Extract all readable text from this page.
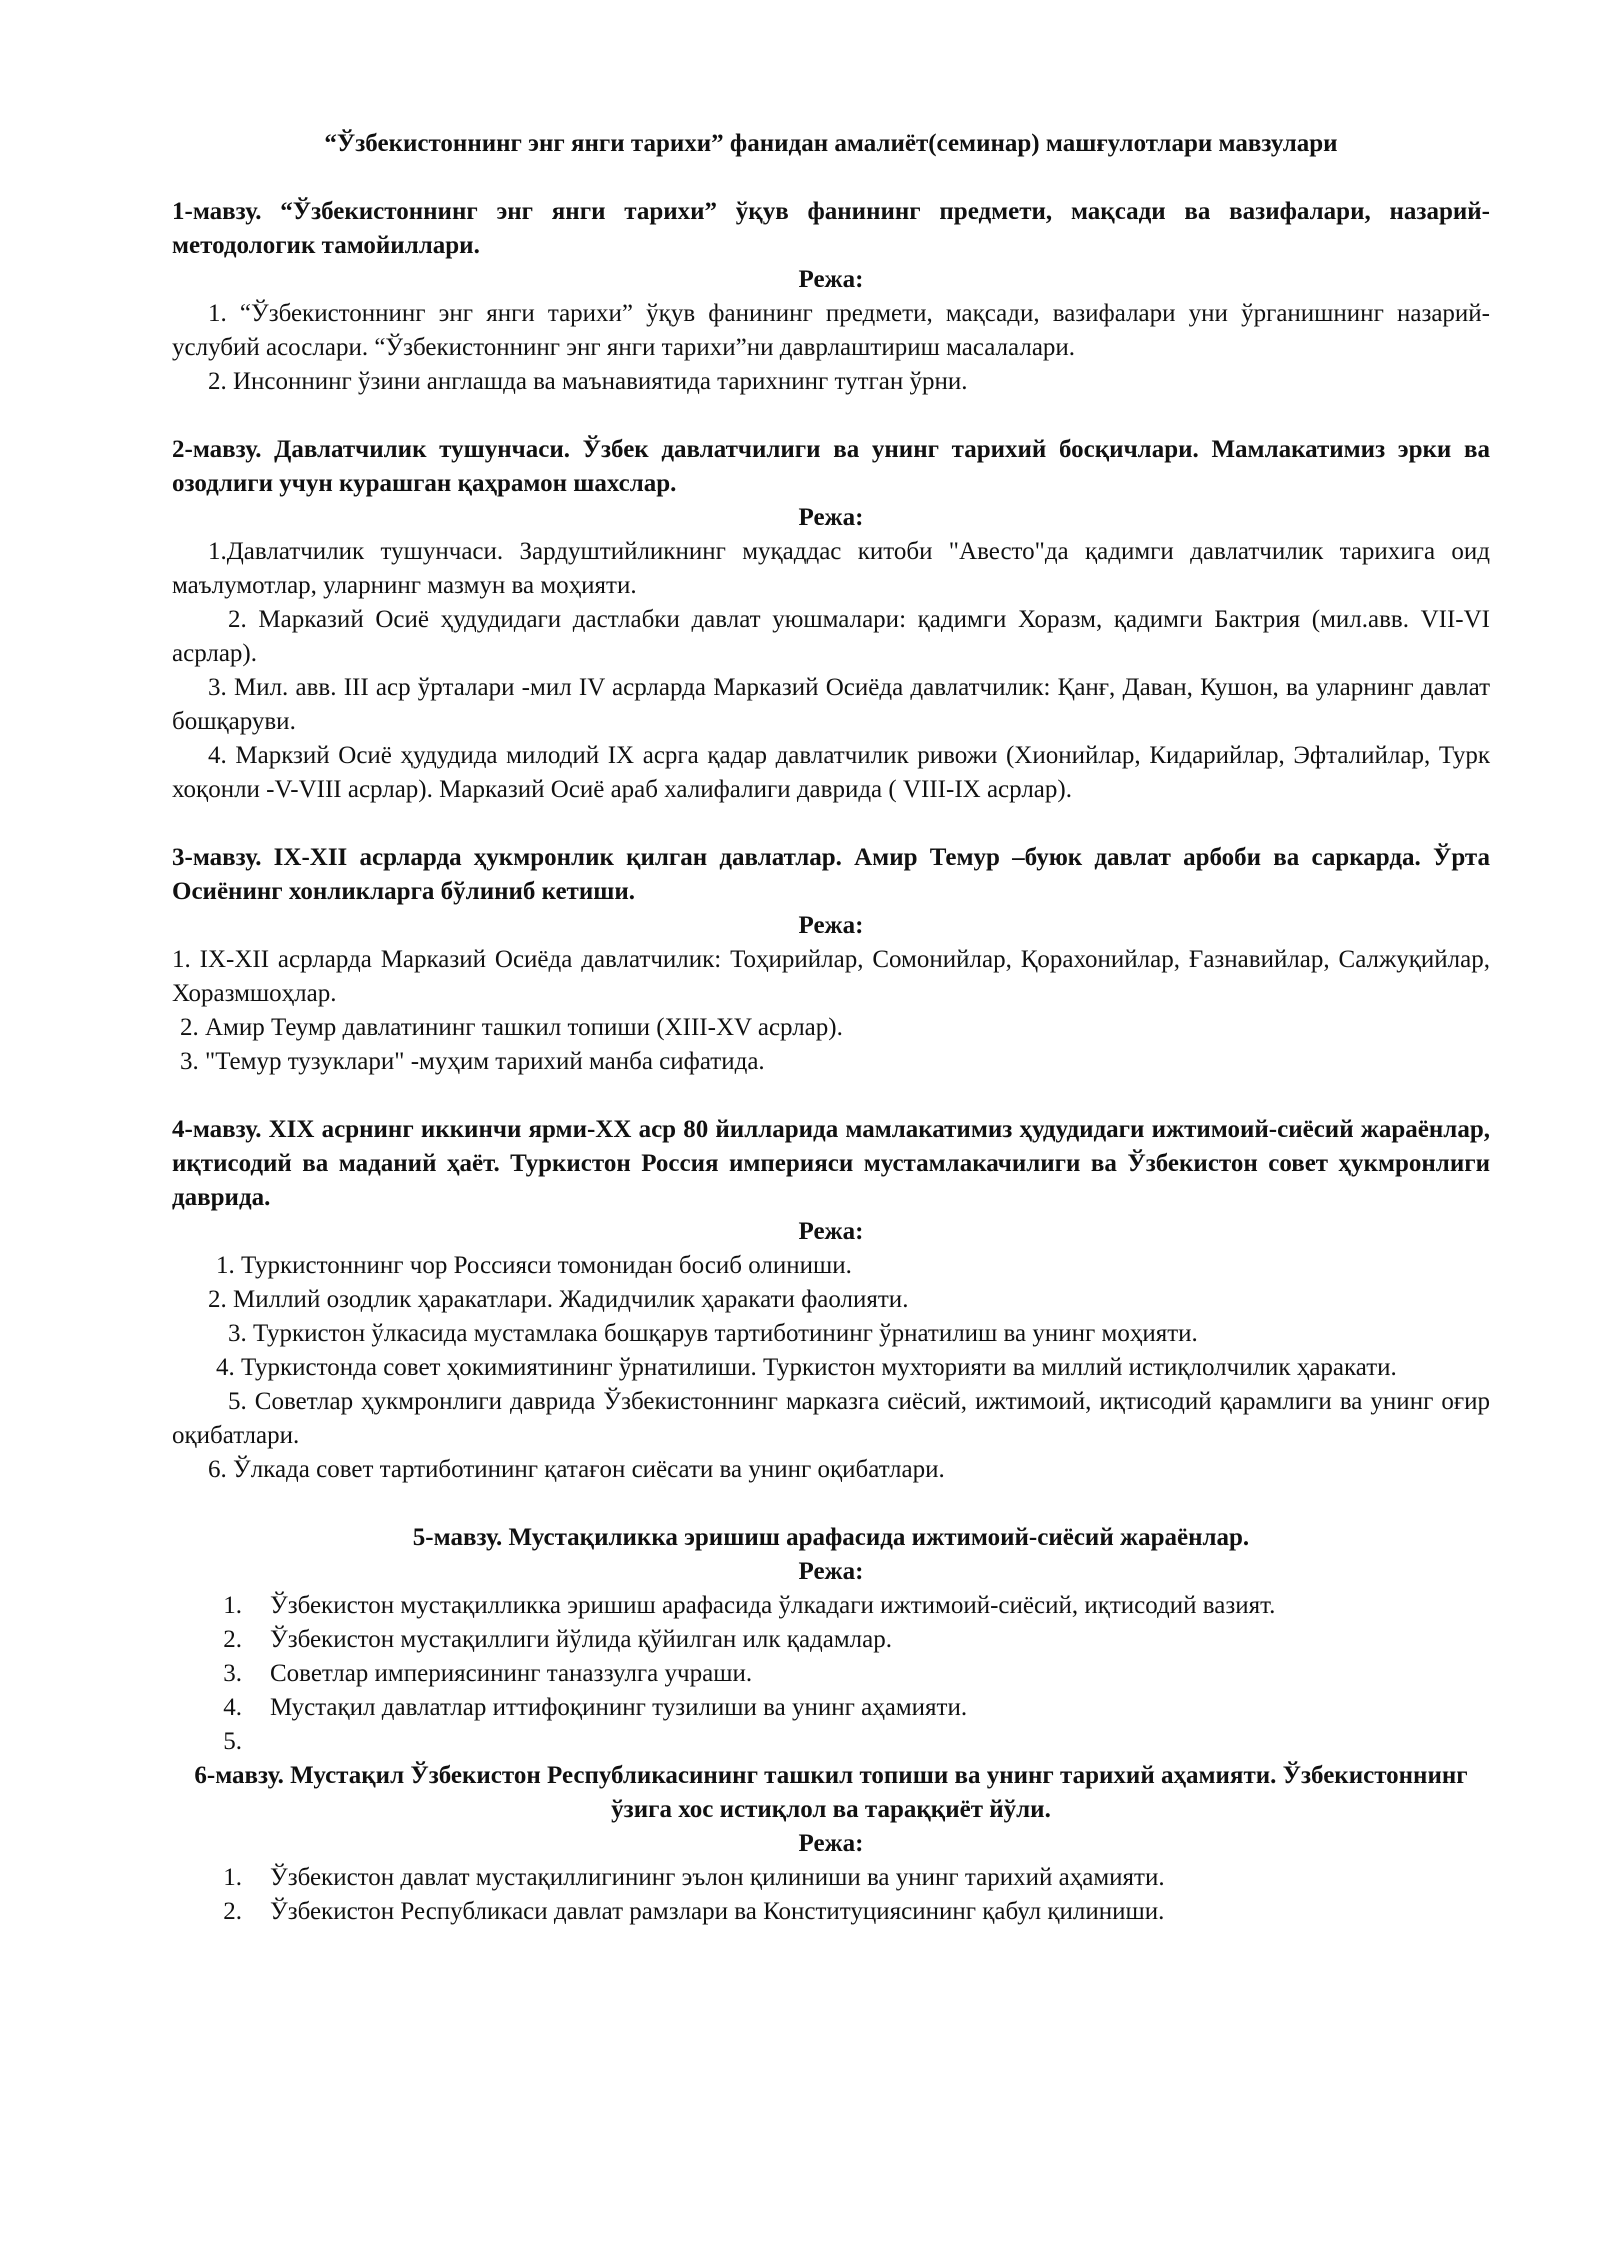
“Ўзбекистоннинг энг янги тарихи” фанидан амалиёт(семинар) машғулотлари мавзулари

1-мавзу. “Ўзбекистоннинг энг янги тарихи” ўқув фанининг предмети, мақсади ва вазифалари, назарий-методологик тамойиллари.

Режа:

1. “Ўзбекистоннинг энг янги тарихи” ўқув фанининг предмети, мақсади, вазифалари уни ўрганишнинг назарий-услубий асослари. “Ўзбекистоннинг энг янги тарихи”ни даврлаштириш масалалари.

2. Инсоннинг ўзини англашда ва маънавиятида тарихнинг тутган ўрни.

2-мавзу. Давлатчилик тушунчаси. Ўзбек давлатчилиги ва унинг тарихий босқичлари. Мамлакатимиз эрки ва озодлиги учун курашган қаҳрамон шахслар.

Режа:

1.Давлатчилик тушунчаси. Зардуштийликнинг муқаддас китоби "Авесто"да қадимги давлатчилик тарихига оид маълумотлар, уларнинг мазмун ва моҳияти.

2. Марказий Осиё ҳудудидаги дастлабки давлат уюшмалари: қадимги Хоразм, қадимги Бактрия (мил.авв. VII-VI асрлар).

3. Мил. авв. III аср ўрталари -мил IV асрларда Марказий Осиёда давлатчилик: Қанғ, Даван, Кушон, ва уларнинг давлат бошқаруви.

4. Маркзий Осиё ҳудудида милодий IX асрга қадар давлатчилик ривожи (Хионийлар, Кидарийлар, Эфталийлар, Турк хоқонли -V-VIII асрлар). Марказий Осиё араб халифалиги даврида ( VIII-IX асрлар).

3-мавзу. IX-XII асрларда ҳукмронлик қилган давлатлар. Амир Темур –буюк давлат арбоби ва саркарда. Ўрта Осиёнинг хонликларга бўлиниб кетиши.

Режа:

1. IX-XII асрларда Марказий Осиёда давлатчилик: Тоҳирийлар, Сомонийлар, Қорахонийлар, Ғазнавийлар, Салжуқийлар, Хоразмшоҳлар.

2. Амир Теумр давлатининг ташкил топиши (XIII-XV асрлар).

3. "Темур тузуклари" -муҳим тарихий манба сифатида.

4-мавзу. XIX асрнинг иккинчи ярми-XX аср 80 йилларида мамлакатимиз ҳудудидаги ижтимоий-сиёсий жараёнлар, иқтисодий ва маданий ҳаёт. Туркистон Россия империяси мустамлакачилиги ва Ўзбекистон совет ҳукмронлиги даврида.

Режа:

1. Туркистоннинг чор Россияси томонидан босиб олиниши.

2. Миллий озодлик ҳаракатлари. Жадидчилик ҳаракати фаолияти.

3. Туркистон ўлкасида мустамлака бошқарув тартиботининг ўрнатилиш ва унинг моҳияти.

4. Туркистонда совет ҳокимиятининг ўрнатилиши. Туркистон мухторияти ва миллий истиқлолчилик ҳаракати.

5. Советлар ҳукмронлиги даврида Ўзбекистоннинг марказга сиёсий, ижтимоий, иқтисодий қарамлиги ва унинг оғир оқибатлари.

6. Ўлкада совет тартиботининг қатағон сиёсати ва унинг оқибатлари.

5-мавзу. Мустақиликка эришиш арафасида ижтимоий-сиёсий жараёнлар.

Режа:

1.	Ўзбекистон мустақилликка эришиш арафасида ўлкадаги ижтимоий-сиёсий, иқтисодий вазият.
2.	Ўзбекистон мустақиллиги йўлида қўйилган илк қадамлар.
3.	Советлар империясининг таназзулга учраши.
4.	Мустақил давлатлар иттифоқининг тузилиши ва унинг аҳамияти.
5.

6-мавзу. Мустақил Ўзбекистон Республикасининг ташкил топиши ва унинг тарихий аҳамияти. Ўзбекистоннинг ўзига хос истиқлол ва тараққиёт йўли.

Режа:

1.	Ўзбекистон давлат мустақиллигининг эълон қилиниши ва унинг тарихий аҳамияти.
2.	Ўзбекистон Республикаси давлат рамзлари ва Конституциясининг қабул қилиниши.
